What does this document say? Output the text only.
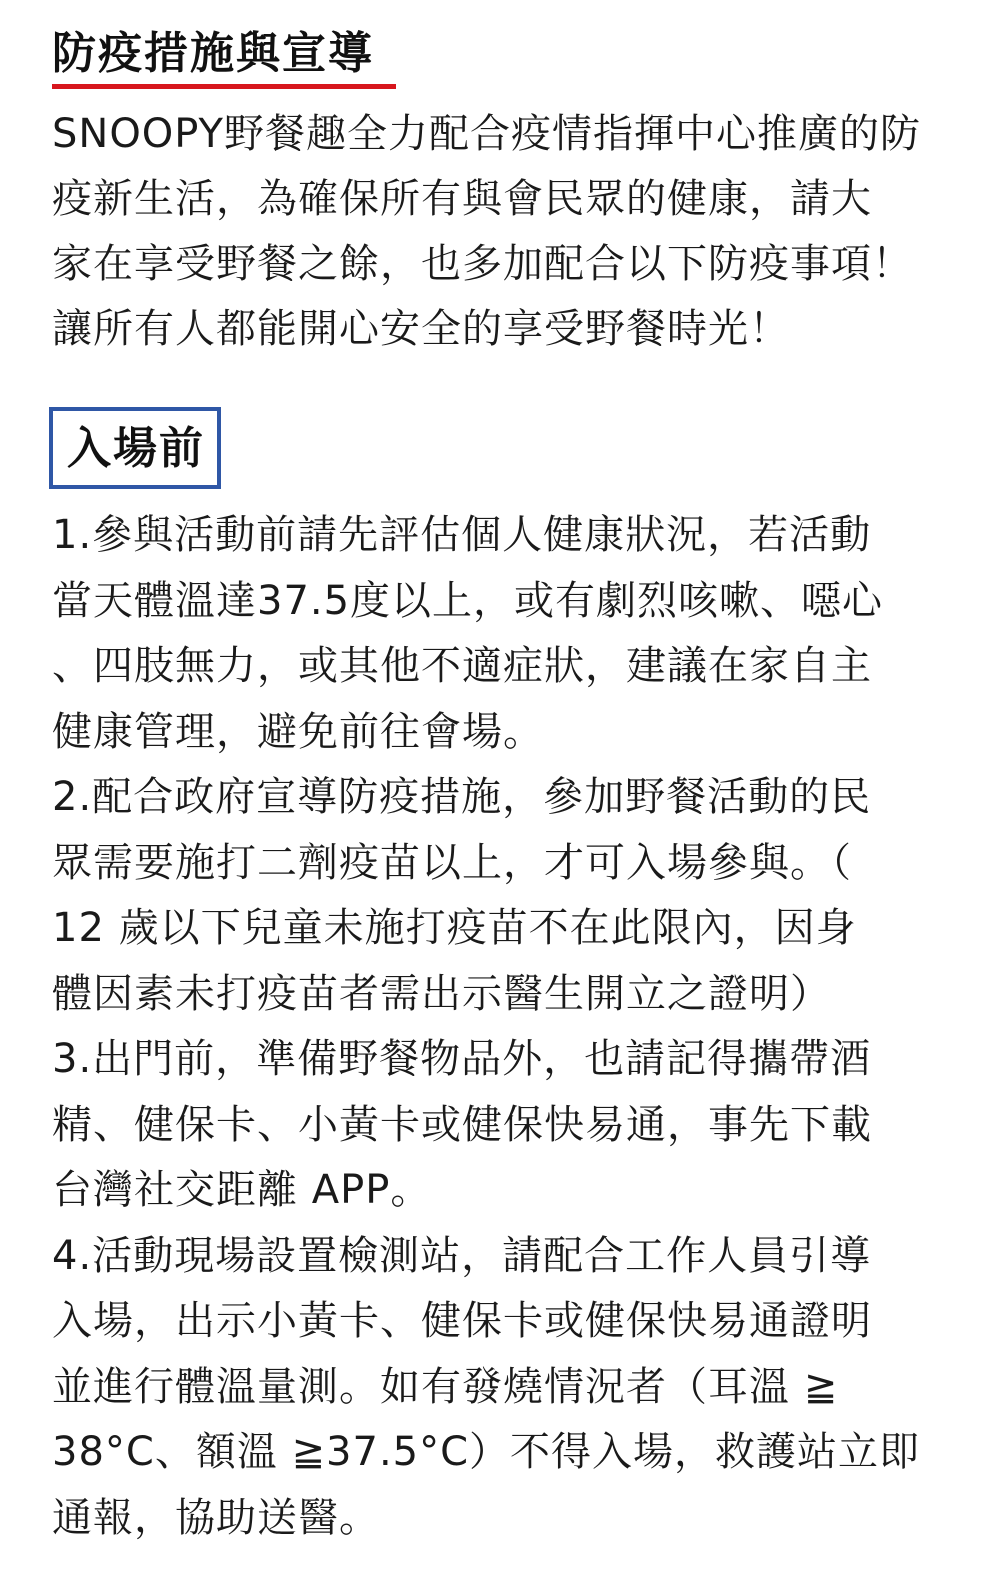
防疫措施與宣導

SNOOPY野餐趣全力配合疫情指揮中心推廣的防

疫新生活，為確保所有與會民眾的健康，請大

家在享受野餐之餘，也多加配合以下防疫事項！

讓所有人都能開心安全的享受野餐時光！

入場前

1.參與活動前請先評估個人健康狀況，若活動

當天體溫達37.5度以上，或有劇烈咳嗽、噁心

、四肢無力，或其他不適症狀，建議在家自主

健康管理，避免前往會場。

2.配合政府宣導防疫措施，參加野餐活動的民

眾需要施打二劑疫苗以上，才可入場參與。（

12 歲以下兒童未施打疫苗不在此限內，因身

體因素未打疫苗者需出示醫生開立之證明）

3.出門前，準備野餐物品外，也請記得攜帶酒

精、健保卡、小黃卡或健保快易通，事先下載

台灣社交距離 APP。

4.活動現場設置檢測站，請配合工作人員引導

入場，出示小黃卡、健保卡或健保快易通證明

並進行體溫量測。如有發燒情況者（耳溫 ≧

38°C、額溫 ≧37.5°C）不得入場，救護站立即

通報，協助送醫。
